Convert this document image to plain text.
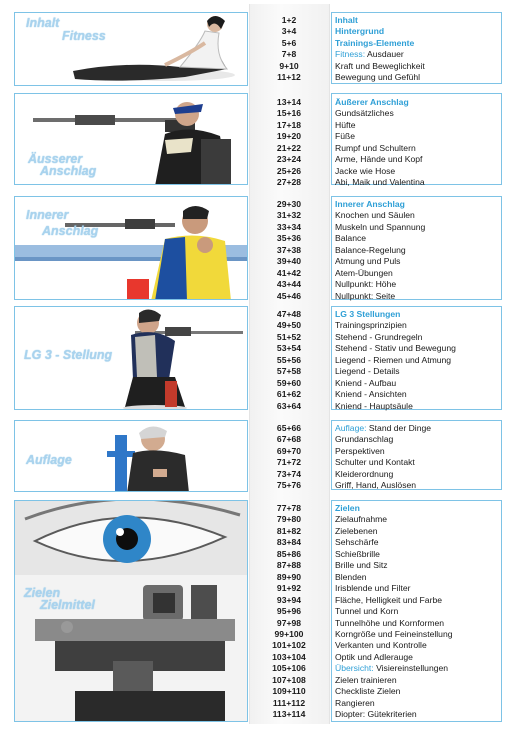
Inhalt
Fitness
1+2	Inhalt
3+4	Hintergrund
5+6	Trainings-Elemente
7+8	Fitness: Ausdauer
9+10	Kraft und Beweglichkeit
11+12	Bewegung und Gefühl
Äusserer
Anschlag
13+14	Äußerer Anschlag
15+16	Gundsätzliches
17+18	Hüfte
19+20	Füße
21+22	Rumpf und Schultern
23+24	Arme, Hände und Kopf
25+26	Jacke wie Hose
27+28	Abi, Maik und Valentina
Innerer
Anschlag
29+30	Innerer Anschlag
31+32	Knochen und Säulen
33+34	Muskeln und Spannung
35+36	Balance
37+38	Balance-Regelung
39+40	Atmung und Puls
41+42	Atem-Übungen
43+44	Nullpunkt: Höhe
45+46	Nullpunkt: Seite
LG 3 - Stellung
47+48	LG 3 Stellungen
49+50	Trainingsprinzipien
51+52	Stehend - Grundregeln
53+54	Stehend - Stativ und Bewegung
55+56	Liegend - Riemen und Atmung
57+58	Liegend - Details
59+60	Kniend - Aufbau
61+62	Kniend - Ansichten
63+64	Kniend - Hauptsäule
Auflage
65+66	Auflage: Stand der Dinge
67+68	Grundanschlag
69+70	Perspektiven
71+72	Schulter und Kontakt
73+74	Kleiderordnung
75+76	Griff, Hand, Auslösen
Zielen
Zielmittel
77+78	Zielen
79+80	Zielaufnahme
81+82	Zielebenen
83+84	Sehschärfe
85+86	Schießbrille
87+88	Brille und Sitz
89+90	Blenden
91+92	Irisblende und Filter
93+94	Fläche, Helligkeit und Farbe
95+96	Tunnel und Korn
97+98	Tunnelhöhe und Kornformen
99+100	Korngröße und Feineinstellung
101+102	Verkanten und Kontrolle
103+104	Optik und Adlerauge
105+106	Übersicht: Visiereinstellungen
107+108	Zielen trainieren
109+110	Checkliste Zielen
111+112	Rangieren
113+114	Diopter: Gütekriterien
